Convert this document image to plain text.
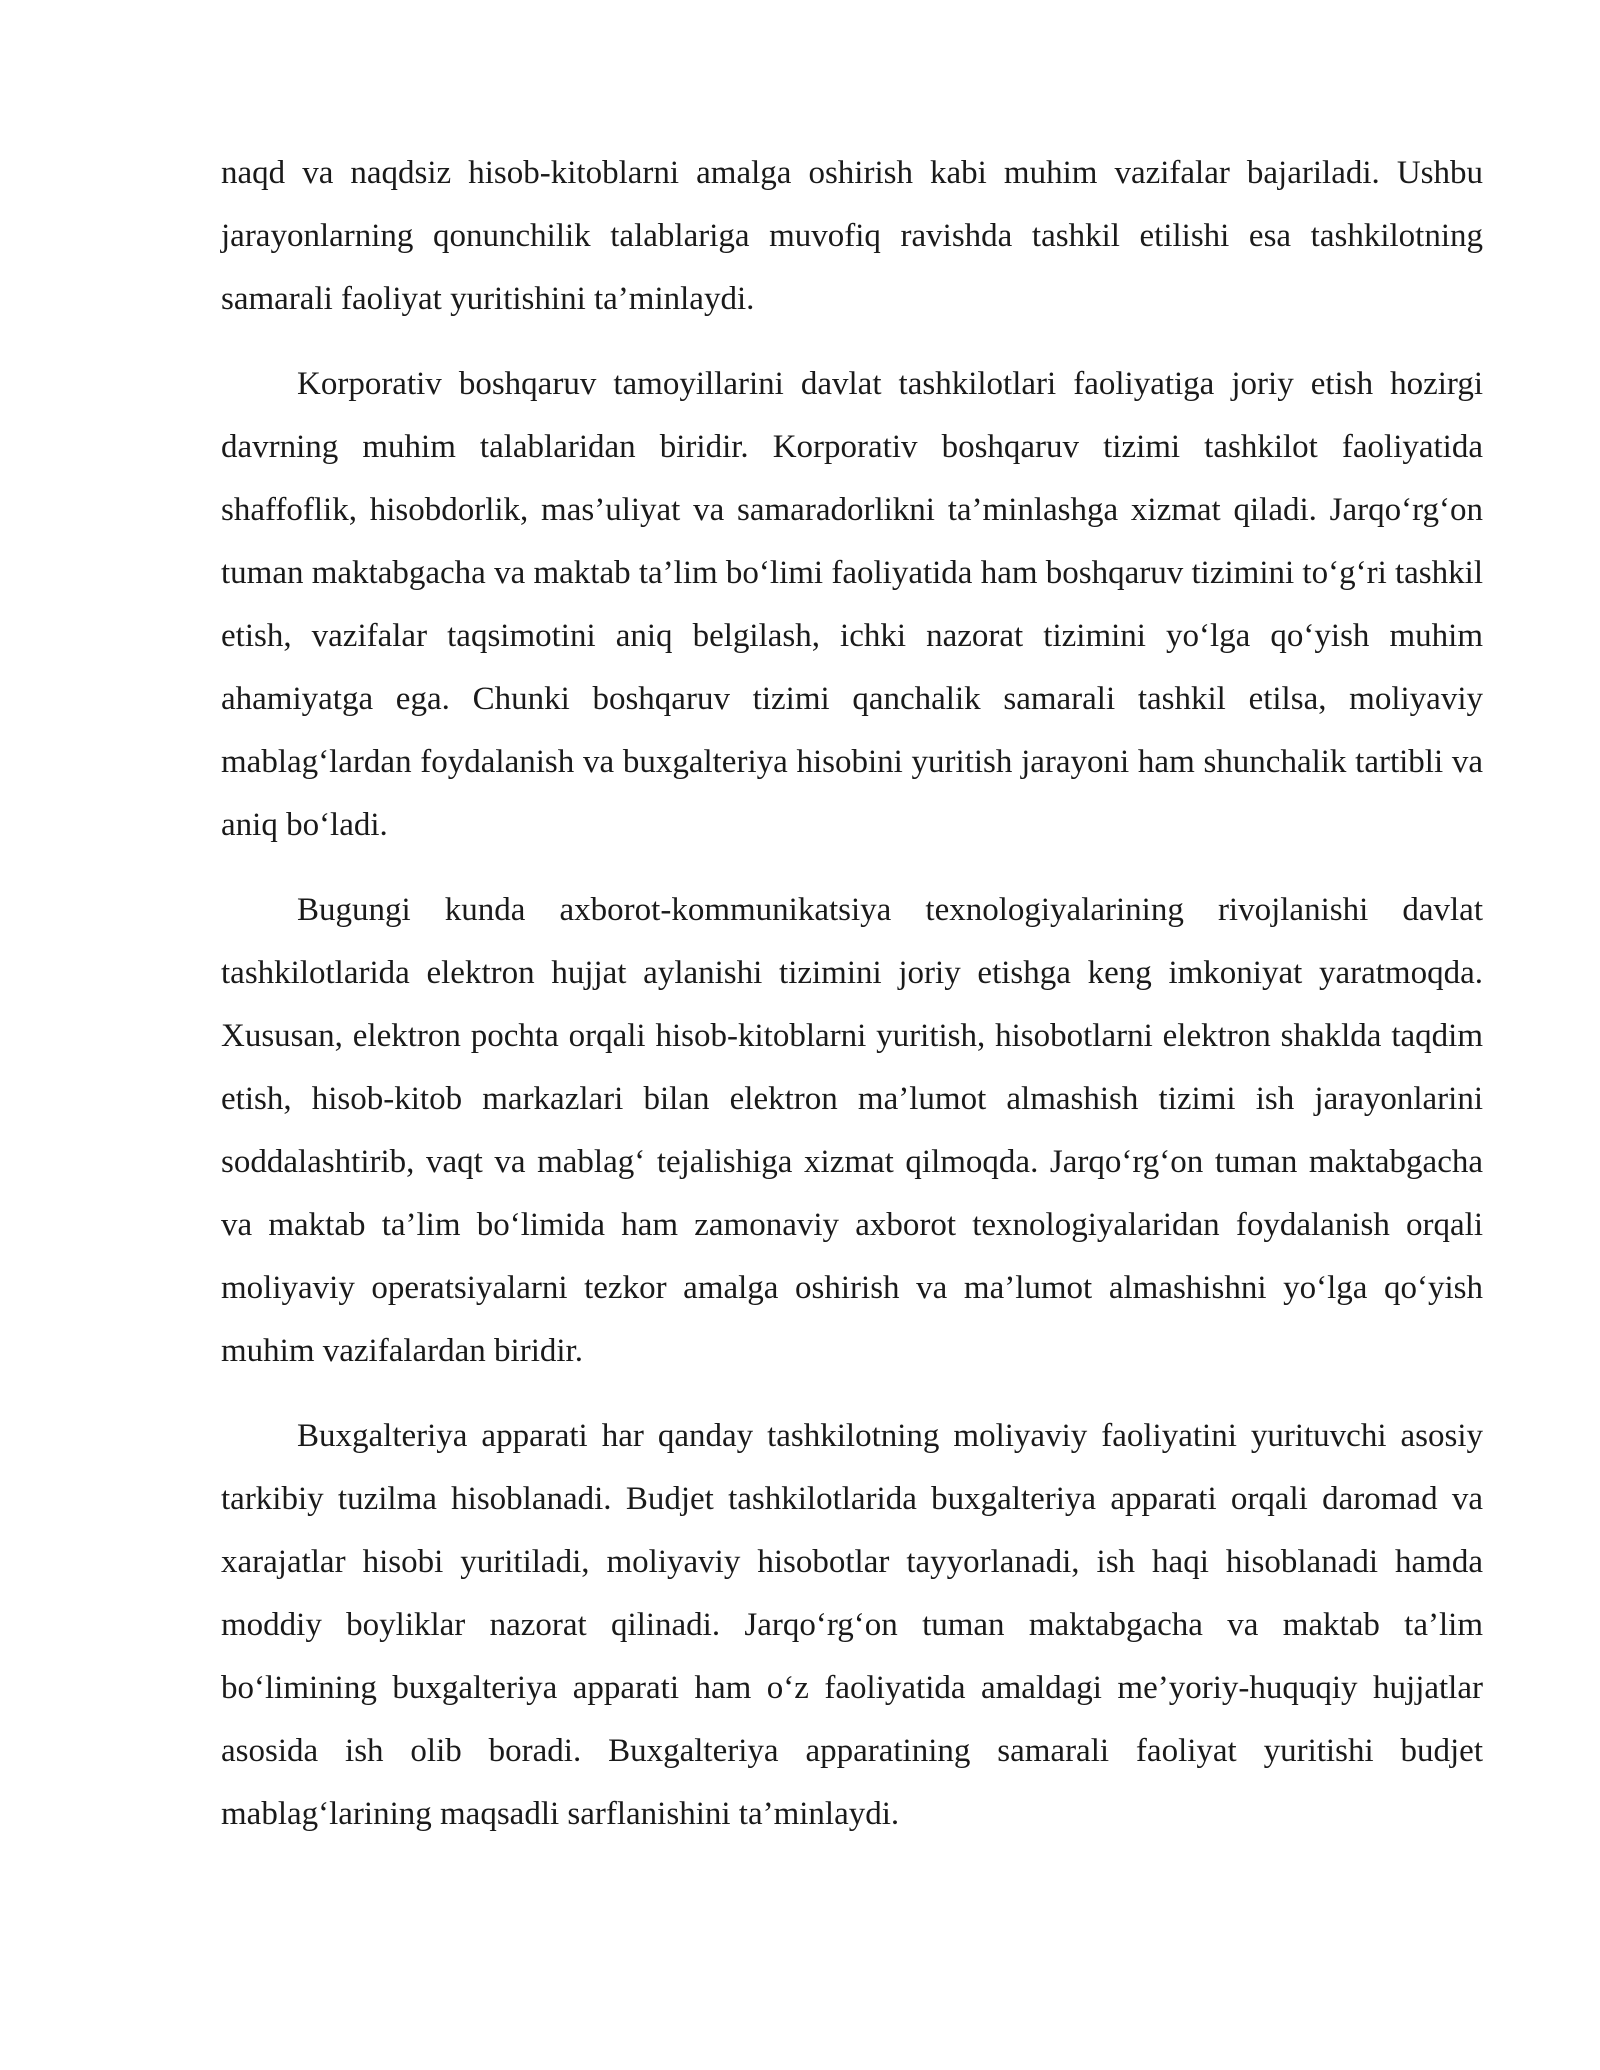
naqd va naqdsiz hisob-kitoblarni amalga oshirish kabi muhim vazifalar bajariladi. Ushbu jarayonlarning qonunchilik talablariga muvofiq ravishda tashkil etilishi esa tashkilotning samarali faoliyat yuritishini ta’minlaydi.

Korporativ boshqaruv tamoyillarini davlat tashkilotlari faoliyatiga joriy etish hozirgi davrning muhim talablaridan biridir. Korporativ boshqaruv tizimi tashkilot faoliyatida shaffoflik, hisobdorlik, mas’uliyat va samaradorlikni ta’minlashga xizmat qiladi. Jarqo‘rg‘on tuman maktabgacha va maktab ta’lim bo‘limi faoliyatida ham boshqaruv tizimini to‘g‘ri tashkil etish, vazifalar taqsimotini aniq belgilash, ichki nazorat tizimini yo‘lga qo‘yish muhim ahamiyatga ega. Chunki boshqaruv tizimi qanchalik samarali tashkil etilsa, moliyaviy mablag‘lardan foydalanish va buxgalteriya hisobini yuritish jarayoni ham shunchalik tartibli va aniq bo‘ladi.

Bugungi kunda axborot-kommunikatsiya texnologiyalarining rivojlanishi davlat tashkilotlarida elektron hujjat aylanishi tizimini joriy etishga keng imkoniyat yaratmoqda. Xususan, elektron pochta orqali hisob-kitoblarni yuritish, hisobotlarni elektron shaklda taqdim etish, hisob-kitob markazlari bilan elektron ma’lumot almashish tizimi ish jarayonlarini soddalashtirib, vaqt va mablag‘ tejalishiga xizmat qilmoqda. Jarqo‘rg‘on tuman maktabgacha va maktab ta’lim bo‘limida ham zamonaviy axborot texnologiyalaridan foydalanish orqali moliyaviy operatsiyalarni tezkor amalga oshirish va ma’lumot almashishni yo‘lga qo‘yish muhim vazifalardan biridir.

Buxgalteriya apparati har qanday tashkilotning moliyaviy faoliyatini yurituvchi asosiy tarkibiy tuzilma hisoblanadi. Budjet tashkilotlarida buxgalteriya apparati orqali daromad va xarajatlar hisobi yuritiladi, moliyaviy hisobotlar tayyorlanadi, ish haqi hisoblanadi hamda moddiy boyliklar nazorat qilinadi. Jarqo‘rg‘on tuman maktabgacha va maktab ta’lim bo‘limining buxgalteriya apparati ham o‘z faoliyatida amaldagi me’yoriy-huquqiy hujjatlar asosida ish olib boradi. Buxgalteriya apparatining samarali faoliyat yuritishi budjet mablag‘larining maqsadli sarflanishini ta’minlaydi.
